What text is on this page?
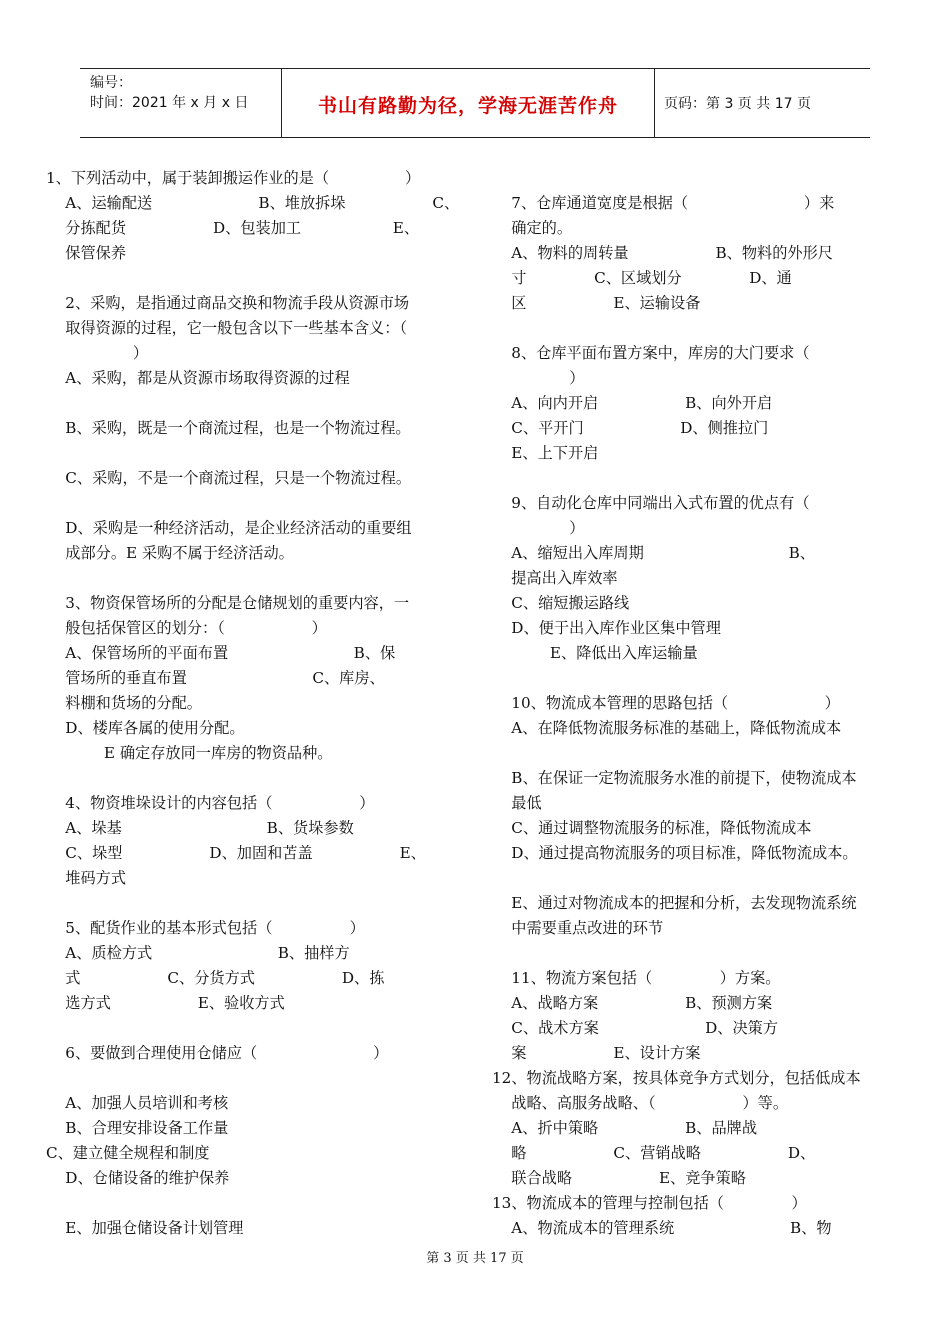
编号：
时间：2021 年 x 月 x 日	书山有路勤为径，学海无涯苦作舟	页码：第 3 页 共 17 页
1、下列活动中，属于装卸搬运作业的是（　　　　　）
A、运输配送                      B、堆放拆垛                  C、
分拣配货                  D、包装加工                   E、
保管保养
2、采购，是指通过商品交换和物流手段从资源市场
取得资源的过程，它一般包含以下一些基本含义：（
）
A、采购，都是从资源市场取得资源的过程
B、采购，既是一个商流过程，也是一个物流过程。
C、采购，不是一个商流过程，只是一个物流过程。
D、采购是一种经济活动，是企业经济活动的重要组
成部分。E 采购不属于经济活动。
3、物资保管场所的分配是仓储规划的重要内容，一
般包括保管区的划分：（                  ）
A、保管场所的平面布置                          B、保
管场所的垂直布置                          C、库房、
料棚和货场的分配。
D、楼库各属的使用分配。
E 确定存放同一库房的物资品种。
4、物资堆垛设计的内容包括（                  ）
A、垛基                              B、货垛参数
C、垛型                  D、加固和苫盖                  E、
堆码方式
5、配货作业的基本形式包括（                ）
A、质检方式                          B、抽样方
式                  C、分货方式                  D、拣
选方式                  E、验收方式
6、要做到合理使用仓储应（                        ）
A、加强人员培训和考核
B、合理安排设备工作量
C、建立健全规程和制度
D、仓储设备的维护保养
E、加强仓储设备计划管理
7、仓库通道宽度是根据（                        ）来
确定的。
A、物料的周转量                  B、物料的外形尺
寸              C、区域划分              D、通
区                  E、运输设备
8、仓库平面布置方案中，库房的大门要求（
）
A、向内开启                  B、向外开启
C、平开门                    D、侧推拉门
E、上下开启
9、自动化仓库中同端出入式布置的优点有（
）
A、缩短出入库周期                              B、
提高出入库效率
C、缩短搬运路线
D、便于出入库作业区集中管理
E、降低出入库运输量
10、物流成本管理的思路包括（                    ）
A、在降低物流服务标准的基础上，降低物流成本
B、在保证一定物流服务水准的前提下，使物流成本
最低
C、通过调整物流服务的标准，降低物流成本
D、通过提高物流服务的项目标准，降低物流成本。
E、通过对物流成本的把握和分析，去发现物流系统
中需要重点改进的环节
11、物流方案包括（              ）方案。
A、战略方案                  B、预测方案
C、战术方案                      D、决策方
案                  E、设计方案
12、物流战略方案，按具体竞争方式划分，包括低成本
战略、高服务战略、（                  ）等。
A、折中策略                  B、品牌战
略                  C、营销战略                  D、
联合战略                  E、竞争策略
13、物流成本的管理与控制包括（              ）
A、物流成本的管理系统                        B、物
第 3 页 共 17 页
